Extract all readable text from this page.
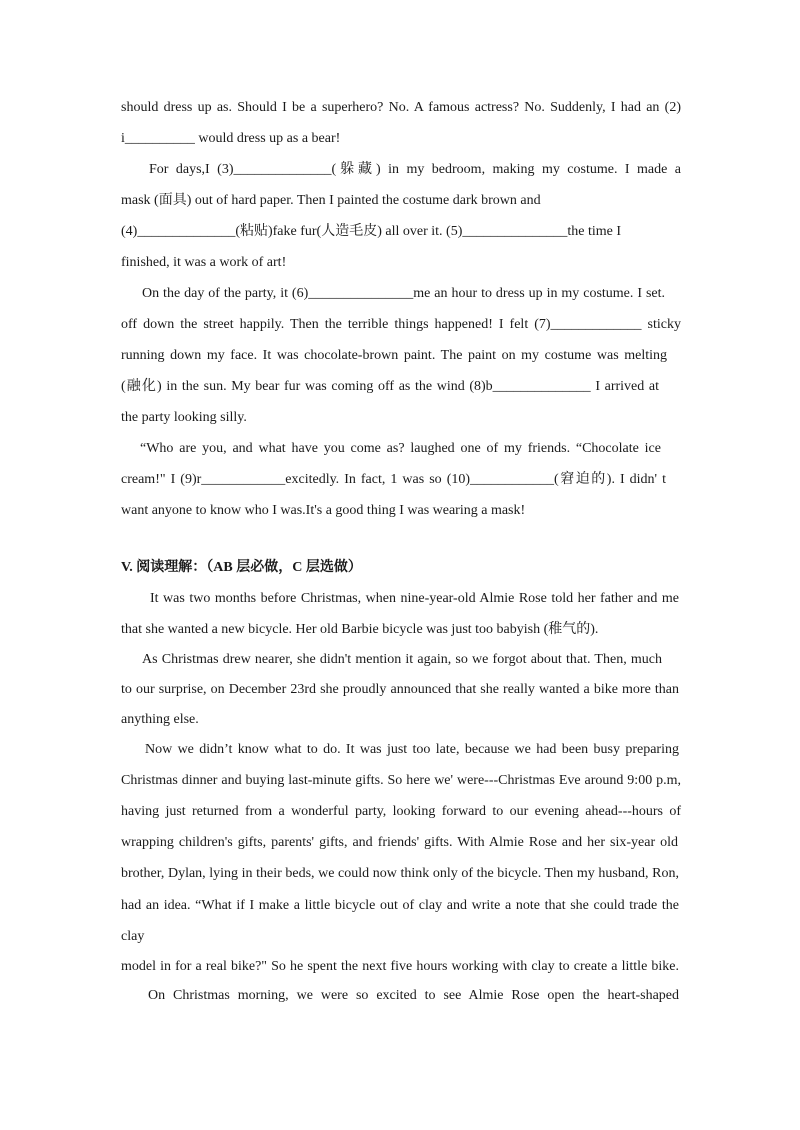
should dress up as. Should I be a superhero? No. A famous actress? No. Suddenly, I had an (2)
i__________ would dress up as a bear!
For days,I (3)______________(躲藏) in my bedroom, making my costume. I made a
mask (面具) out of hard paper. Then I painted the costume dark brown and
(4)______________(粘贴)fake fur(人造毛皮) all over it. (5)_______________the time I
finished, it was a work of art!
On the day of the party, it (6)_______________me an hour to dress up in my costume. I set.
off down the street happily. Then the terrible things happened! I felt (7)_____________ sticky
running down my face. It was chocolate-brown paint. The paint on my costume was melting
(融化) in the sun. My bear fur was coming off as the wind (8)b______________ I arrived at
the party looking silly.
“Who are you, and what have you come as? laughed one of my friends. “Chocolate ice
cream!" I (9)r____________excitedly. In fact, 1 was so (10)____________(窘迫的). I didn' t
want anyone to know who I was.It's a good thing I was wearing a mask!
V. 阅读理解：（AB 层必做，C 层选做）
It was two months before Christmas, when nine-year-old Almie Rose told her father and me
that she wanted a new bicycle. Her old Barbie bicycle was just too babyish (稚气的).
As Christmas drew nearer, she didn't mention it again, so we forgot about that. Then, much
to our surprise, on December 23rd she proudly announced that she really wanted a bike more than
anything else.
Now we didn’t know what to do. It was just too late, because we had been busy preparing
Christmas dinner and buying last-minute gifts. So here we' were---Christmas Eve around 9:00 p.m,
having just returned from a wonderful party, looking forward to our evening ahead---hours of
wrapping children's gifts, parents' gifts, and friends' gifts. With Almie Rose and her six-year old
brother, Dylan, lying in their beds, we could now think only of the bicycle. Then my husband, Ron,
had an idea. “What if I make a little bicycle out of clay and write a note that she could trade the
clay
model in for a real bike?" So he spent the next five hours working with clay to create a little bike.
On Christmas morning, we were so excited to see Almie Rose open the heart-shaped
